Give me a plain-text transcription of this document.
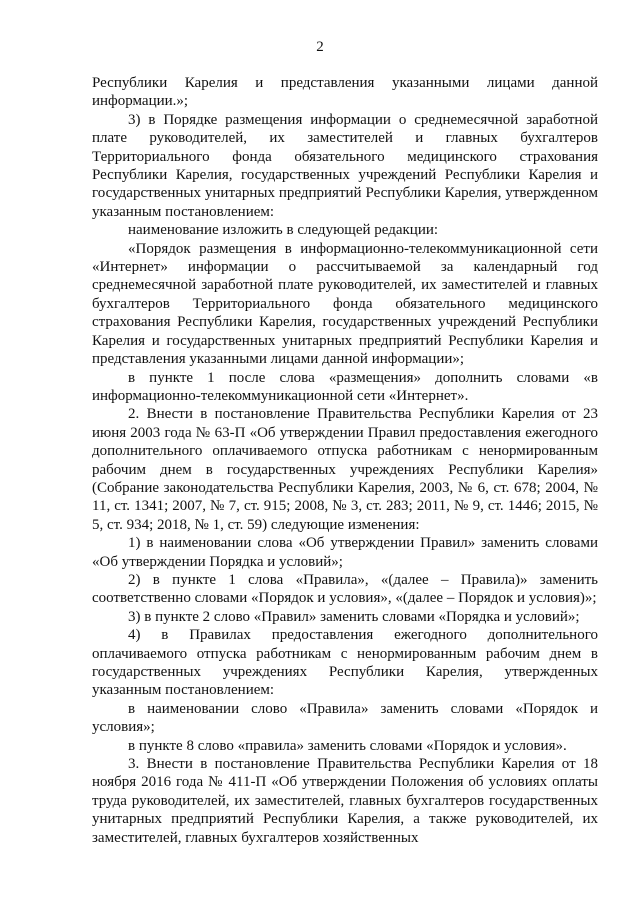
2

Республики Карелия и представления указанными лицами данной информации.»;

3) в Порядке размещения информации о среднемесячной заработной плате руководителей, их заместителей и главных бухгалтеров Территориального фонда обязательного медицинского страхования Республики Карелия, государственных учреждений Республики Карелия и государственных унитарных предприятий Республики Карелия, утвержденном указанным постановлением:

наименование изложить в следующей редакции:

«Порядок размещения в информационно-телекоммуникационной сети «Интернет» информации о рассчитываемой за календарный год среднемесячной заработной плате руководителей, их заместителей и главных бухгалтеров Территориального фонда обязательного медицинского страхования Республики Карелия, государственных учреждений Республики Карелия и государственных унитарных предприятий Республики Карелия и представления указанными лицами данной информации»;

в пункте 1 после слова «размещения» дополнить словами «в информационно-телекоммуникационной сети «Интернет».

2. Внести в постановление Правительства Республики Карелия от 23 июня 2003 года № 63-П «Об утверждении Правил предоставления ежегодного дополнительного оплачиваемого отпуска работникам с ненормированным рабочим днем в государственных учреждениях Республики Карелия» (Собрание законодательства Республики Карелия, 2003, № 6, ст. 678; 2004, № 11, ст. 1341; 2007, № 7, ст. 915; 2008, № 3, ст. 283; 2011, № 9, ст. 1446; 2015, № 5, ст. 934; 2018, № 1, ст. 59) следующие изменения:

1) в наименовании слова «Об утверждении Правил» заменить словами «Об утверждении Порядка и условий»;

2) в пункте 1 слова «Правила», «(далее – Правила)» заменить соответственно словами «Порядок и условия», «(далее – Порядок и условия)»;

3) в пункте 2 слово «Правил» заменить словами «Порядка и условий»;

4) в Правилах предоставления ежегодного дополнительного оплачиваемого отпуска работникам с ненормированным рабочим днем в государственных учреждениях Республики Карелия, утвержденных указанным постановлением:

в наименовании слово «Правила» заменить словами «Порядок и условия»;

в пункте 8 слово «правила» заменить словами «Порядок и условия».

3. Внести в постановление Правительства Республики Карелия от 18 ноября 2016 года № 411-П «Об утверждении Положения об условиях оплаты труда руководителей, их заместителей, главных бухгалтеров государственных унитарных предприятий Республики Карелия, а также руководителей, их заместителей, главных бухгалтеров хозяйственных
